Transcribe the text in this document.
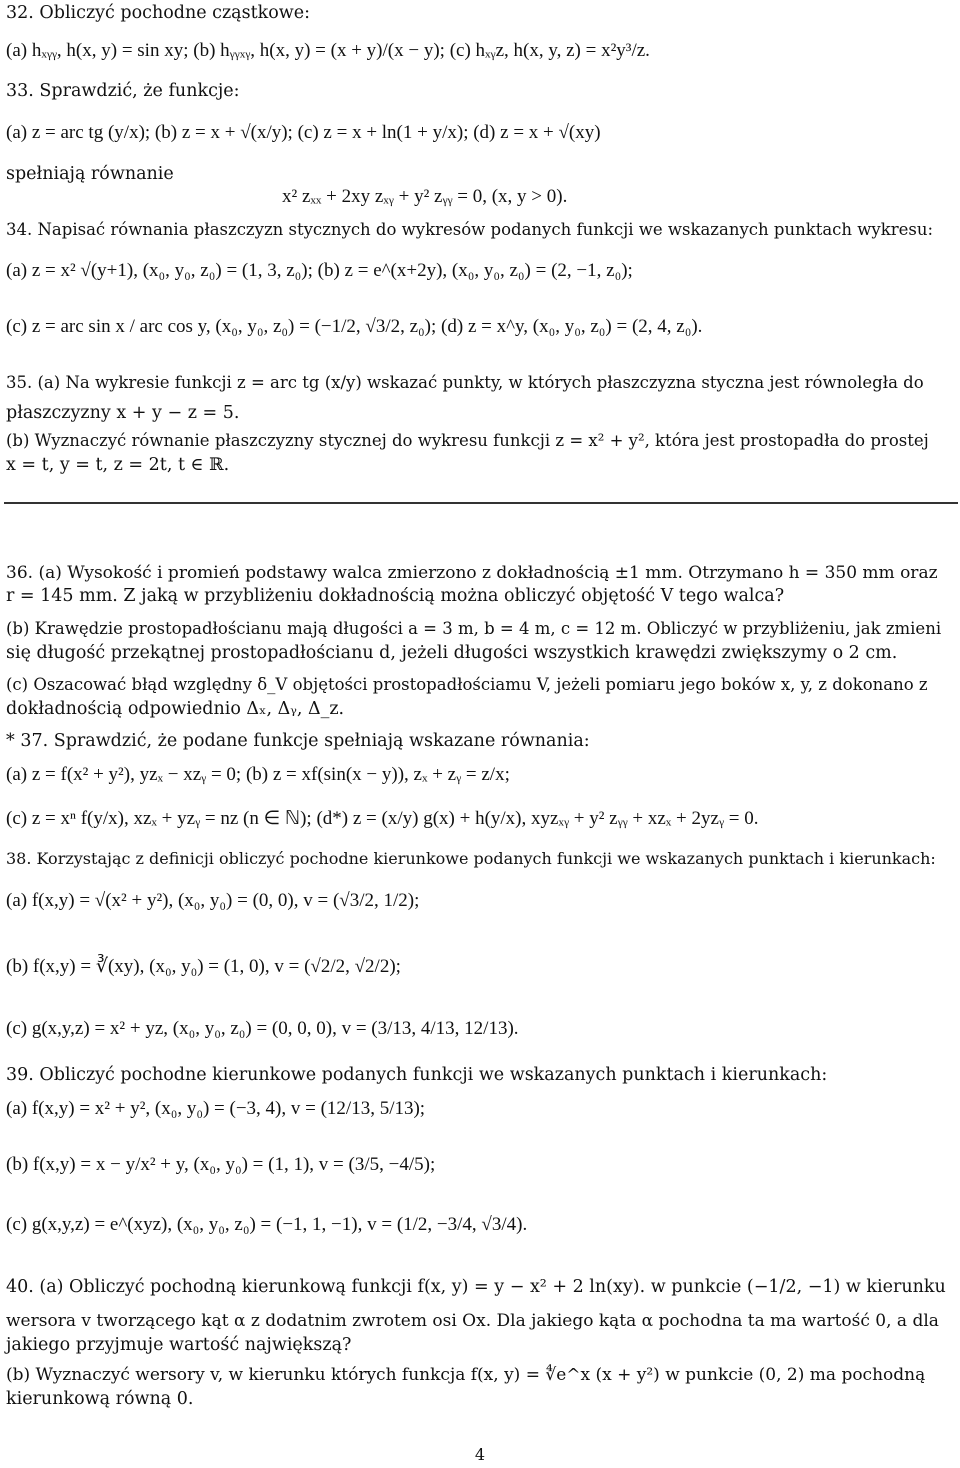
32. Obliczyć pochodne cząstkowe:
(a) hₓᵧᵧ, h(x, y) = sin xy; (b) hᵧᵧₓᵧ, h(x, y) = (x + y)/(x − y); (c) hₓᵧz, h(x, y, z) = x²y³/z.
33. Sprawdzić, że funkcje:
(a) z = arc tg (y/x); (b) z = x + √(x/y); (c) z = x + ln(1 + y/x); (d) z = x + √(xy)
spełniają równanie
x² zₓₓ + 2xy zₓᵧ + y² zᵧᵧ = 0, (x, y > 0).
34. Napisać równania płaszczyzn stycznych do wykresów podanych funkcji we wskazanych punktach wykresu:
(a) z = x² √(y+1), (x₀, y₀, z₀) = (1, 3, z₀); (b) z = e^(x+2y), (x₀, y₀, z₀) = (2, −1, z₀);
(c) z = arc sin x / arc cos y, (x₀, y₀, z₀) = (−1/2, √3/2, z₀); (d) z = x^y, (x₀, y₀, z₀) = (2, 4, z₀).
35. (a) Na wykresie funkcji z = arc tg (x/y) wskazać punkty, w których płaszczyzna styczna jest równoległa do
płaszczyzny x + y − z = 5.
(b) Wyznaczyć równanie płaszczyzny stycznej do wykresu funkcji z = x² + y², która jest prostopadła do prostej
x = t, y = t, z = 2t, t ∈ ℝ.
36. (a) Wysokość i promień podstawy walca zmierzono z dokładnością ±1 mm. Otrzymano h = 350 mm oraz
r = 145 mm. Z jaką w przybliżeniu dokładnością można obliczyć objętość V tego walca?
(b) Krawędzie prostopadłościanu mają długości a = 3 m, b = 4 m, c = 12 m. Obliczyć w przybliżeniu, jak zmieni
się długość przekątnej prostopadłościanu d, jeżeli długości wszystkich krawędzi zwiększymy o 2 cm.
(c) Oszacować błąd względny δ_V objętości prostopadłościamu V, jeżeli pomiaru jego boków x, y, z dokonano z
dokładnością odpowiednio Δₓ, Δᵧ, Δ_z.
* 37. Sprawdzić, że podane funkcje spełniają wskazane równania:
(a) z = f(x² + y²), yzₓ − xzᵧ = 0; (b) z = xf(sin(x − y)), zₓ + zᵧ = z/x;
(c) z = xⁿ f(y/x), xzₓ + yzᵧ = nz (n ∈ ℕ); (d*) z = (x/y) g(x) + h(y/x), xyzₓᵧ + y² zᵧᵧ + xzₓ + 2yzᵧ = 0.
38. Korzystając z definicji obliczyć pochodne kierunkowe podanych funkcji we wskazanych punktach i kierunkach:
(a) f(x,y) = √(x² + y²), (x₀, y₀) = (0, 0), v = (√3/2, 1/2);
(b) f(x,y) = ∛(xy), (x₀, y₀) = (1, 0), v = (√2/2, √2/2);
(c) g(x,y,z) = x² + yz, (x₀, y₀, z₀) = (0, 0, 0), v = (3/13, 4/13, 12/13).
39. Obliczyć pochodne kierunkowe podanych funkcji we wskazanych punktach i kierunkach:
(a) f(x,y) = x² + y², (x₀, y₀) = (−3, 4), v = (12/13, 5/13);
(b) f(x,y) = x − y/x² + y, (x₀, y₀) = (1, 1), v = (3/5, −4/5);
(c) g(x,y,z) = e^(xyz), (x₀, y₀, z₀) = (−1, 1, −1), v = (1/2, −3/4, √3/4).
40. (a) Obliczyć pochodną kierunkową funkcji f(x, y) = y − x² + 2 ln(xy). w punkcie (−1/2, −1) w kierunku
wersora v tworzącego kąt α z dodatnim zwrotem osi Ox. Dla jakiego kąta α pochodna ta ma wartość 0, a dla
jakiego przyjmuje wartość największą?
(b) Wyznaczyć wersory v, w kierunku których funkcja f(x, y) = ∜e^x (x + y²) w punkcie (0, 2) ma pochodną
kierunkową równą 0.
4
